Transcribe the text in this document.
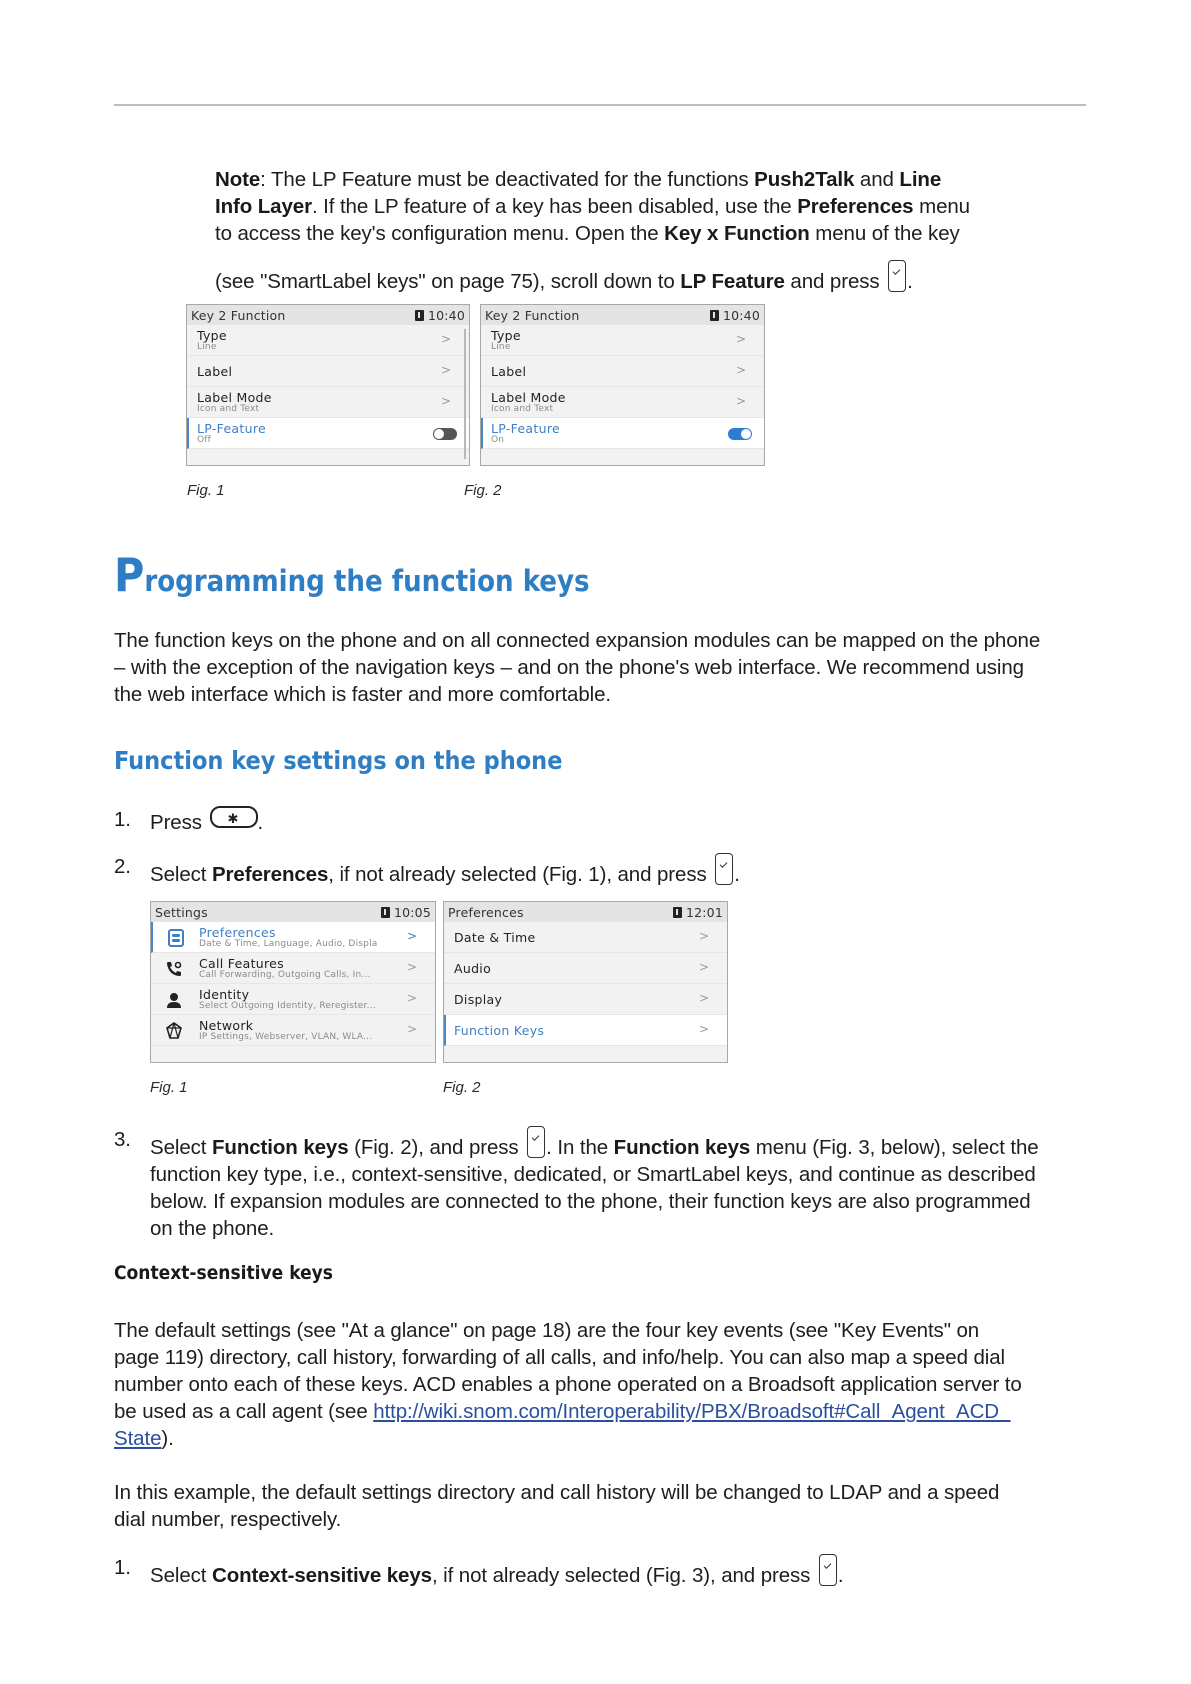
Note: The LP Feature must be deactivated for the functions Push2Talk and Line
Info Layer. If the LP feature of a key has been disabled, use the Preferences menu
to access the key's configuration menu. Open the Key x Function menu of the key
(see "SmartLabel keys" on page 75), scroll down to LP Feature and press .
Key 2 Function	10:40
Type
Line
>
Label	>
Label Mode
Icon and Text
>
LP-Feature
Off
Key 2 Function	10:40
Type
Line
>
Label	>
Label Mode
Icon and Text
>
LP-Feature
On
Fig. 1	Fig. 2
Programming the function keys
The function keys on the phone and on all connected expansion modules can be mapped on the phone
– with the exception of the navigation keys – and on the phone's web interface. We recommend using
the web interface which is faster and more comfortable.
Function key settings on the phone
1. Press ✱.
2. Select Preferences, if not already selected (Fig. 1), and press .
Settings	10:05
Preferences
Date & Time, Language, Audio, Displa
>
Call Features
Call Forwarding, Outgoing Calls, In...
>
Identity
Select Outgoing Identity, Reregister...
>
Network
IP Settings, Webserver, VLAN, WLA...
>
Preferences	12:01
Date & Time	>
Audio	>
Display	>
Function Keys	>
Fig. 1	Fig. 2
3. Select Function keys (Fig. 2), and press . In the Function keys menu (Fig. 3, below), select the
function key type, i.e., context-sensitive, dedicated, or SmartLabel keys, and continue as described
below. If expansion modules are connected to the phone, their function keys are also programmed
on the phone.
Context-sensitive keys
The default settings (see "At a glance" on page 18) are the four key events (see "Key Events" on
page 119) directory, call history, forwarding of all calls, and info/help. You can also map a speed dial
number onto each of these keys. ACD enables a phone operated on a Broadsoft application server to
be used as a call agent (see http://wiki.snom.com/Interoperability/PBX/Broadsoft#Call_Agent_ACD_
State).
In this example, the default settings directory and call history will be changed to LDAP and a speed
dial number, respectively.
1. Select Context-sensitive keys, if not already selected (Fig. 3), and press .
